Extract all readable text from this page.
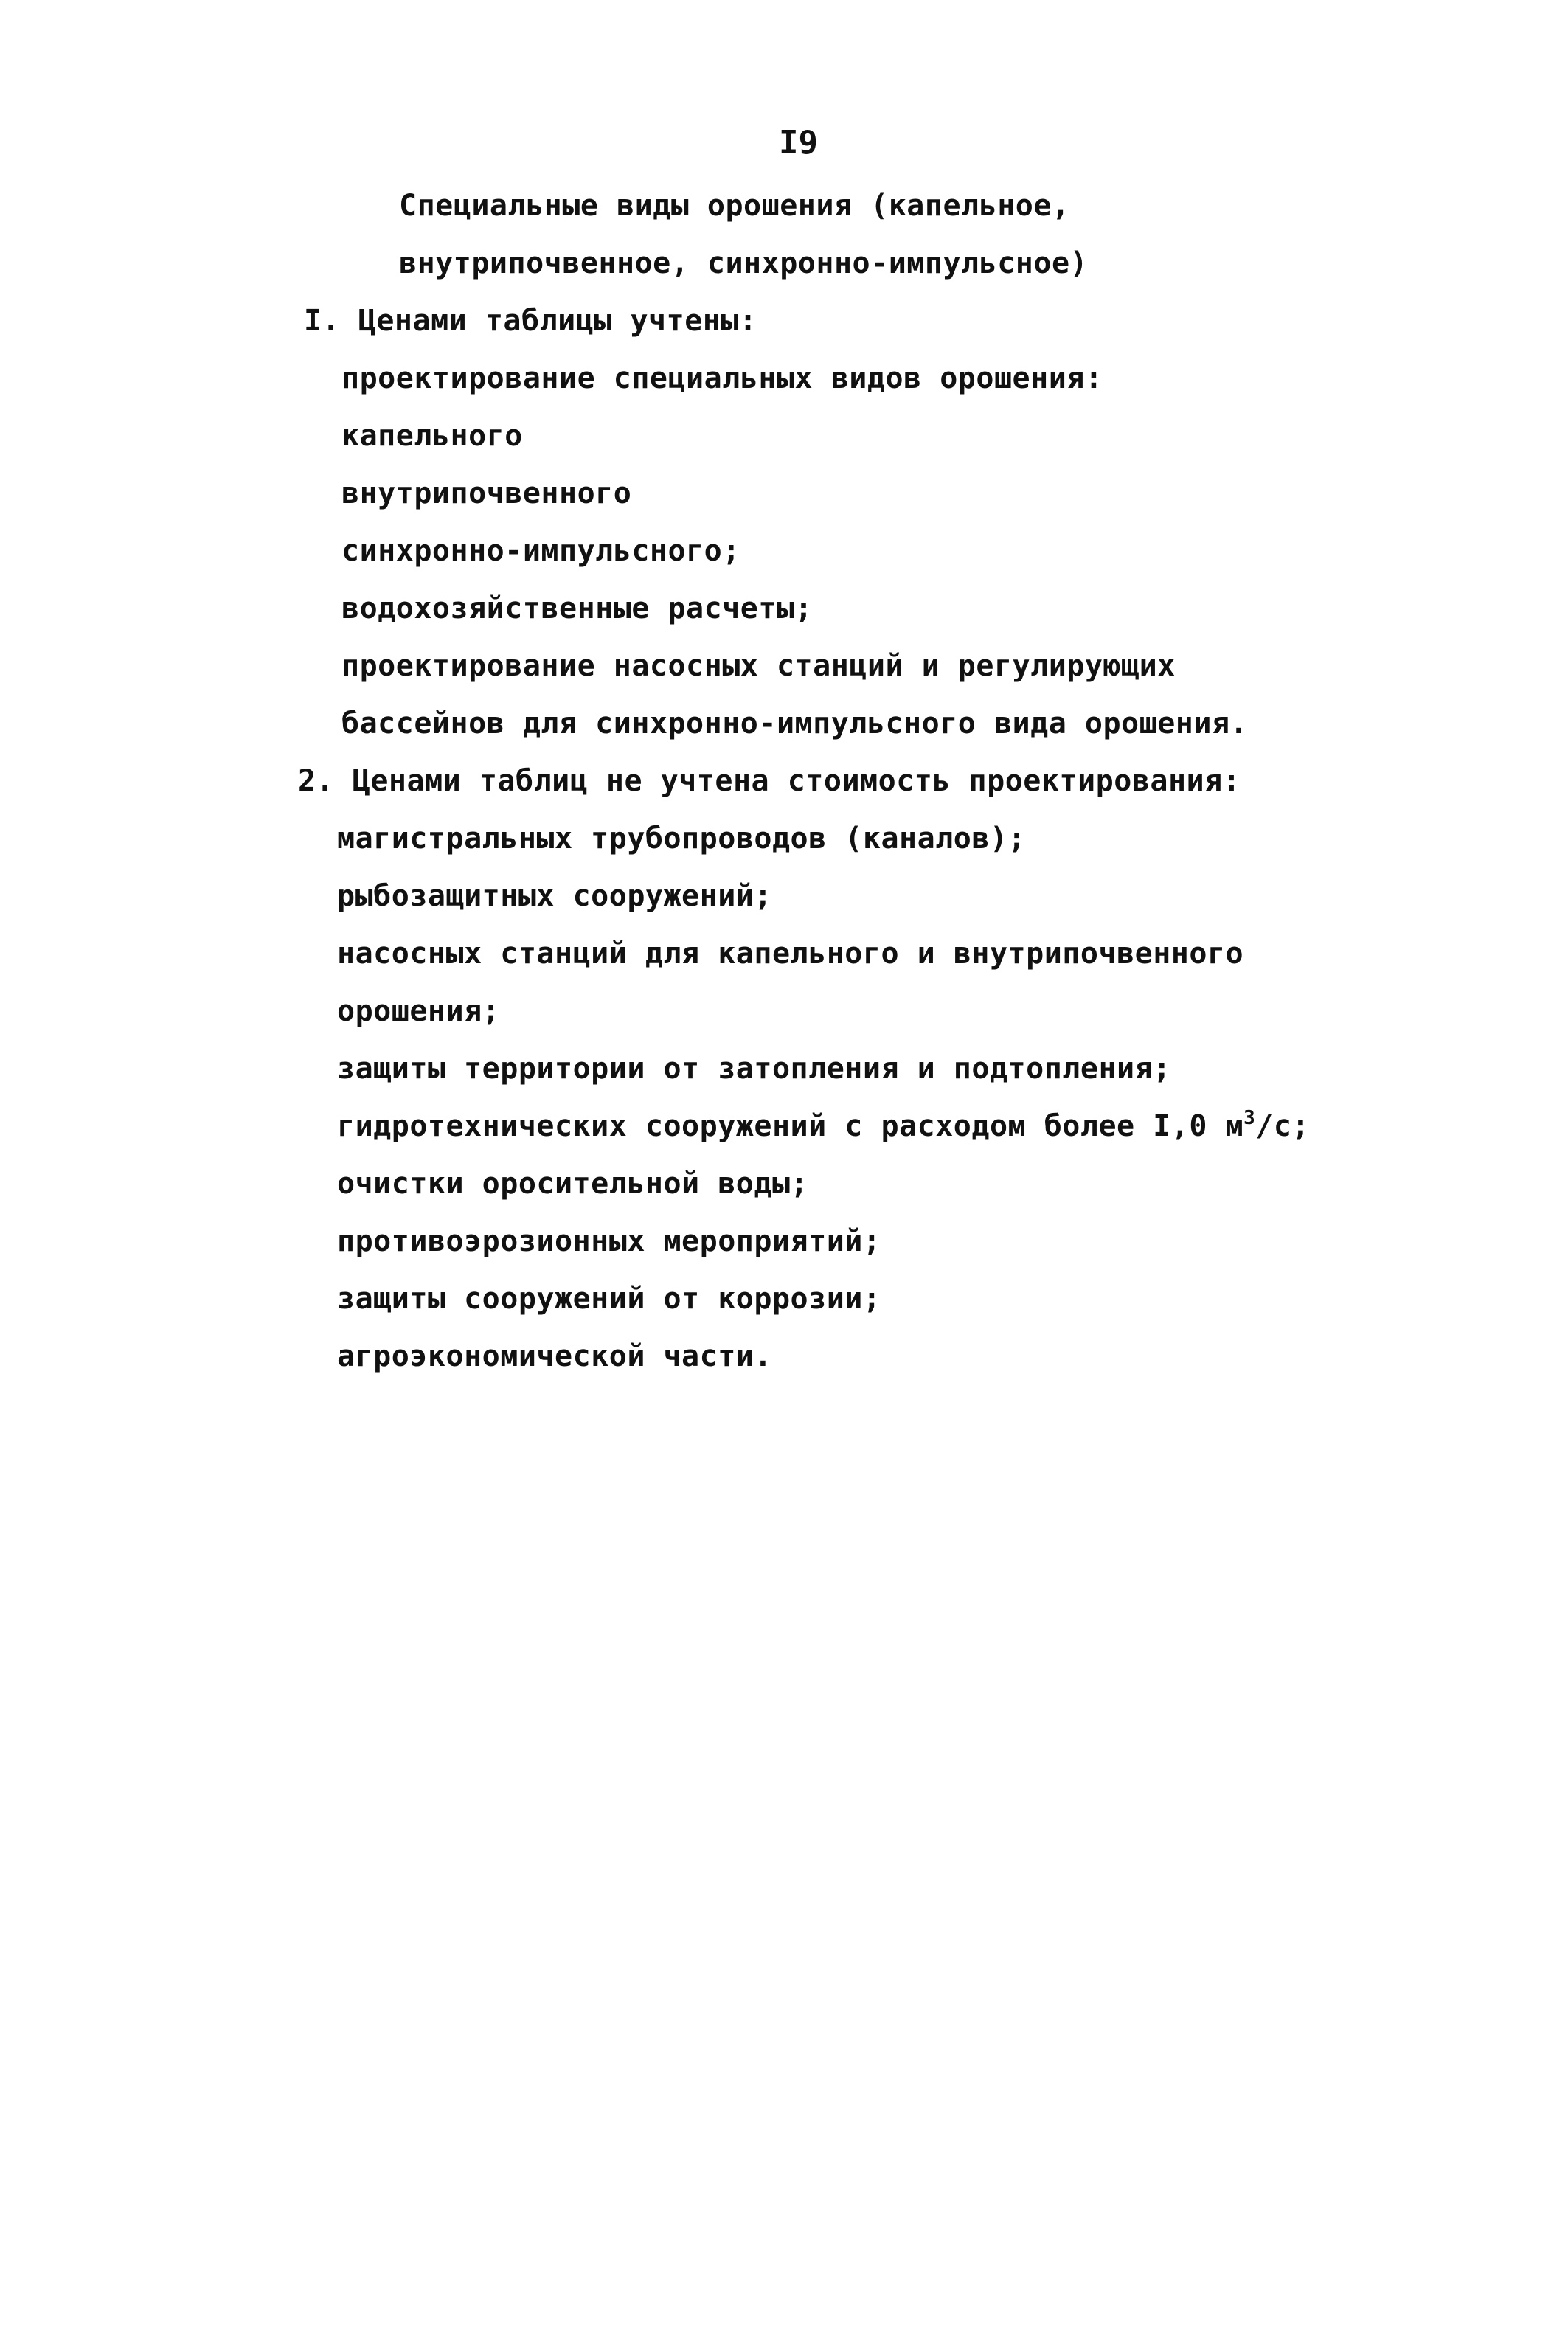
I9
Специальные виды орошения (капельное,
внутрипочвенное, синхронно-импульсное)
I. Ценами таблицы учтены:
проектирование специальных видов орошения:
капельного
внутрипочвенного
синхронно-импульсного;
водохозяйственные расчеты;
проектирование насосных станций и регулирующих
бассейнов для синхронно-импульсного вида орошения.
2. Ценами таблиц не учтена стоимость проектирования:
магистральных трубопроводов (каналов);
рыбозащитных сооружений;
насосных станций для капельного и внутрипочвенного
орошения;
защиты территории от затопления и подтопления;
гидротехнических сооружений с расходом более I,0 $м^3/с$;
очистки оросительной воды;
противоэрозионных мероприятий;
защиты сооружений от коррозии;
агроэкономической части.
